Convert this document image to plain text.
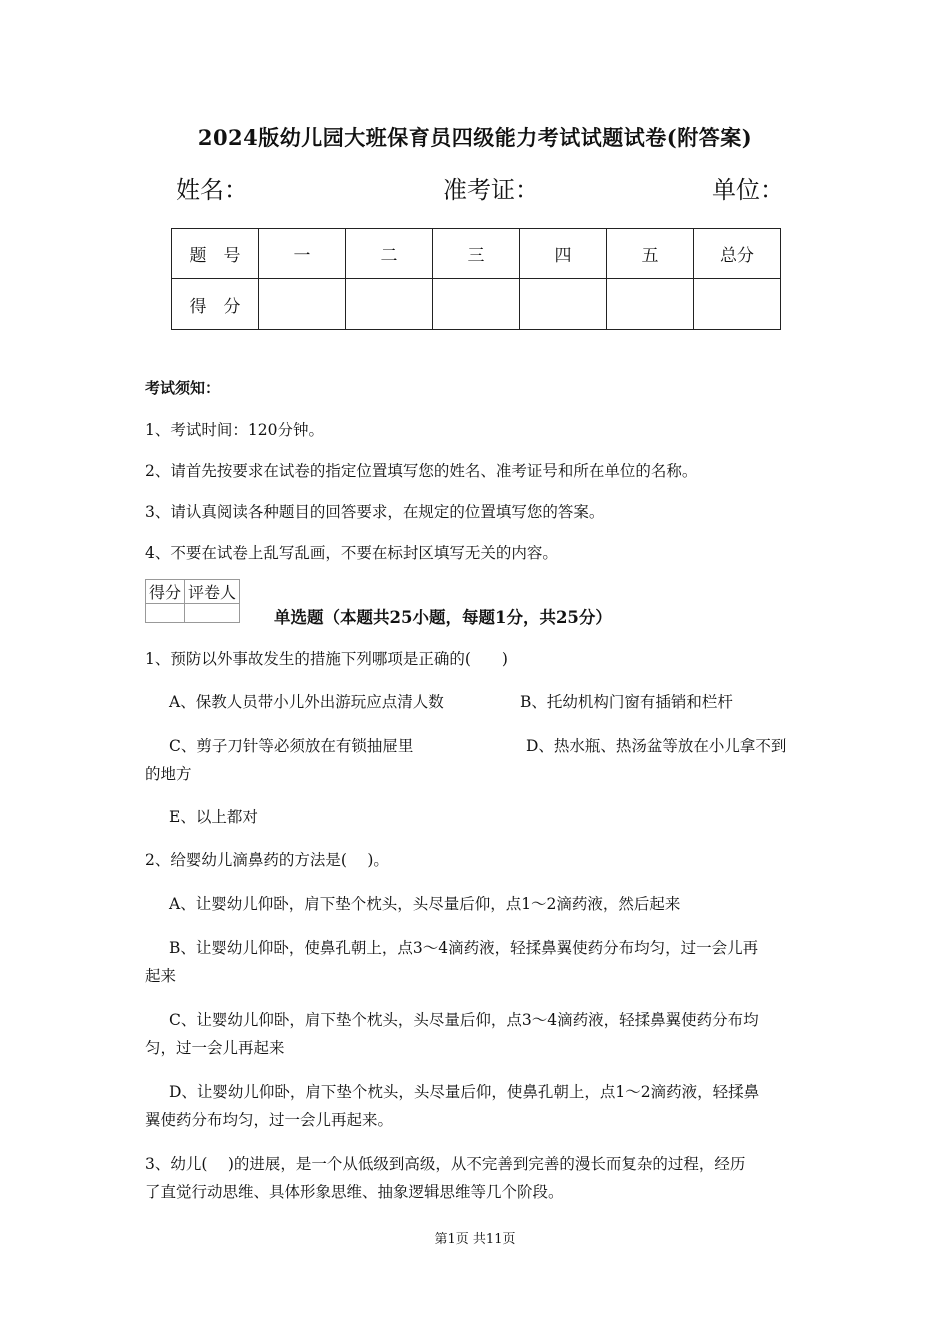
2024版幼儿园大班保育员四级能力考试试题试卷(附答案)
姓名：	准考证：	单位：
题　号	一	二	三	四	五	总分
得　分						
考试须知：
1、考试时间：120分钟。
2、请首先按要求在试卷的指定位置填写您的姓名、准考证号和所在单位的名称。
3、请认真阅读各种题目的回答要求，在规定的位置填写您的答案。
4、不要在试卷上乱写乱画，不要在标封区填写无关的内容。
得分	评卷人

单选题（本题共25小题，每题1分，共25分）
1、预防以外事故发生的措施下列哪项是正确的(　　)
A、保教人员带小儿外出游玩应点清人数	B、托幼机构门窗有插销和栏杆
C、剪子刀针等必须放在有锁抽屉里	D、热水瓶、热汤盆等放在小儿拿不到
的地方
E、以上都对
2、给婴幼儿滴鼻药的方法是(　 )。
A、让婴幼儿仰卧，肩下垫个枕头，头尽量后仰，点1～2滴药液，然后起来
B、让婴幼儿仰卧，使鼻孔朝上，点3～4滴药液，轻揉鼻翼使药分布均匀，过一会儿再
起来
C、让婴幼儿仰卧，肩下垫个枕头，头尽量后仰，点3～4滴药液，轻揉鼻翼使药分布均
匀，过一会儿再起来
D、让婴幼儿仰卧，肩下垫个枕头，头尽量后仰，使鼻孔朝上，点1～2滴药液，轻揉鼻
翼使药分布均匀，过一会儿再起来。
3、幼儿(　 )的进展，是一个从低级到高级，从不完善到完善的漫长而复杂的过程，经历
了直觉行动思维、具体形象思维、抽象逻辑思维等几个阶段。
第1页 共11页
